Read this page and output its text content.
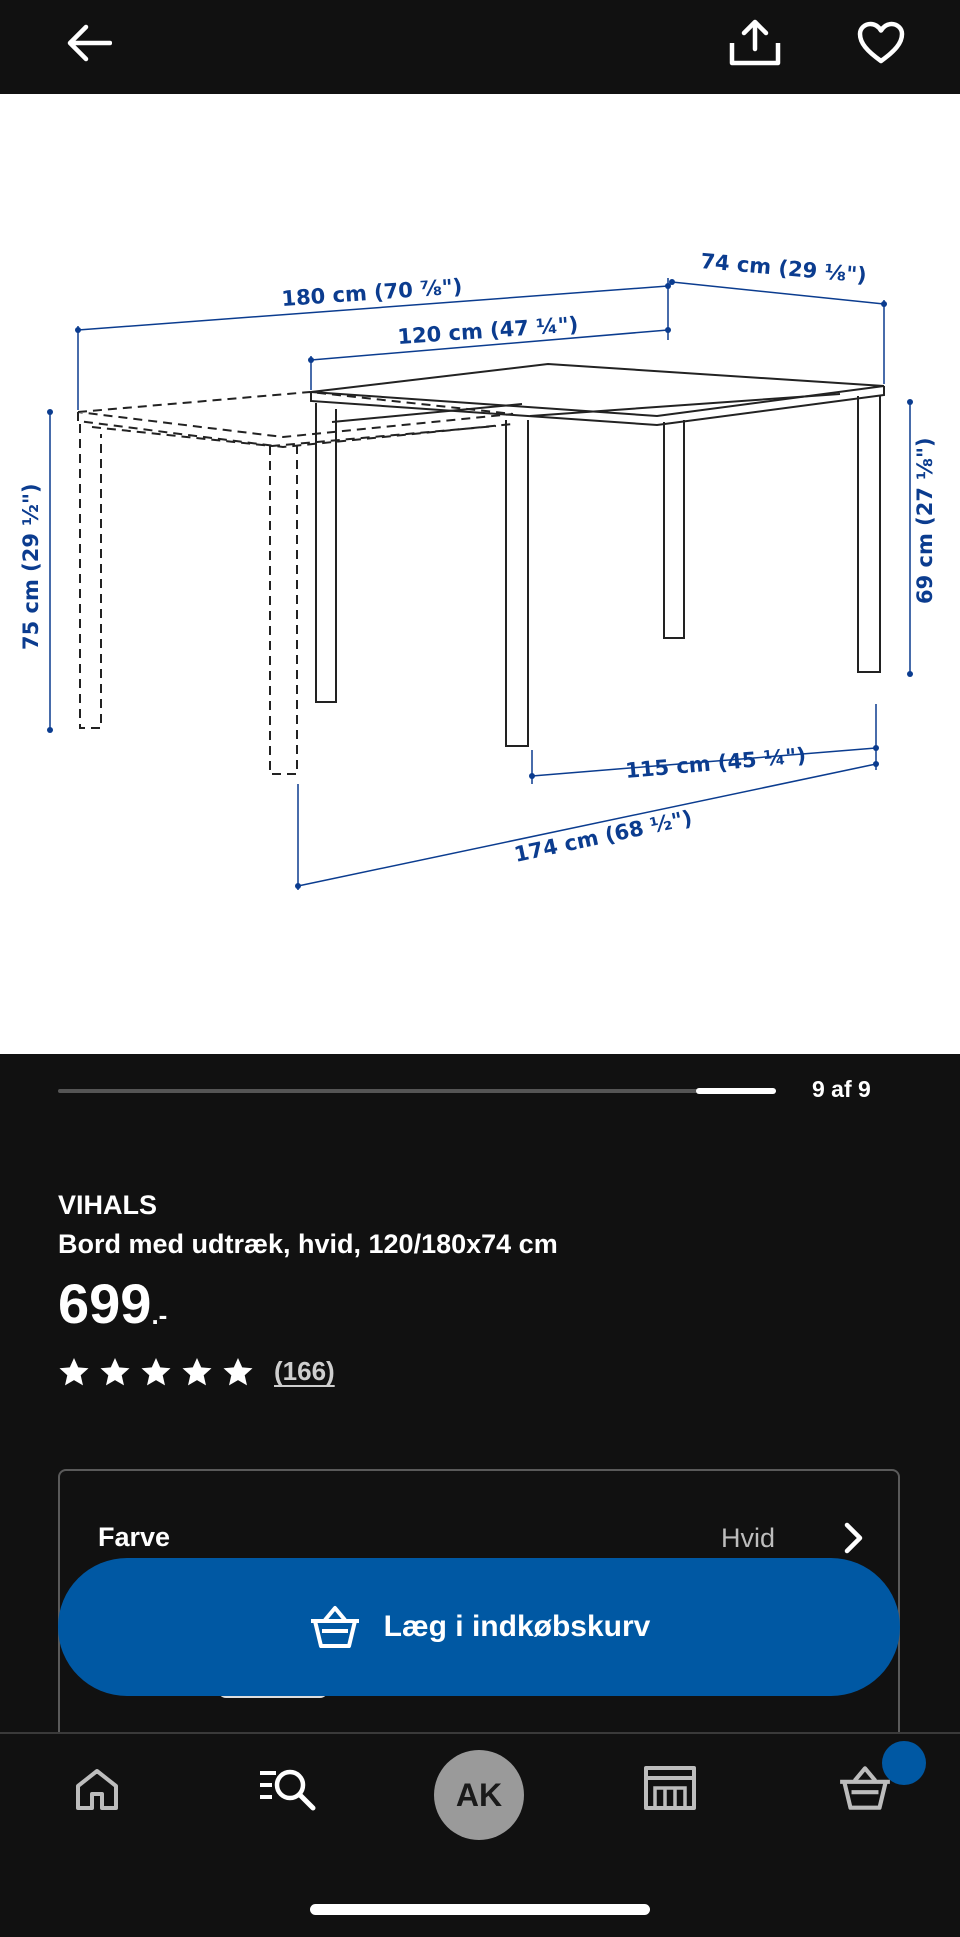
180 cm (70 ⅞")
120 cm (47 ¼")
74 cm (29 ⅛")
75 cm (29 ½")	69 cm (27 ⅛")
115 cm (45 ¼")
174 cm (68 ½")
9 af 9
VIHALS
Bord med udtræk, hvid, 120/180x74 cm
699 .-
(166)
Farve	Hvid
Læg i indkøbskurv
AK
